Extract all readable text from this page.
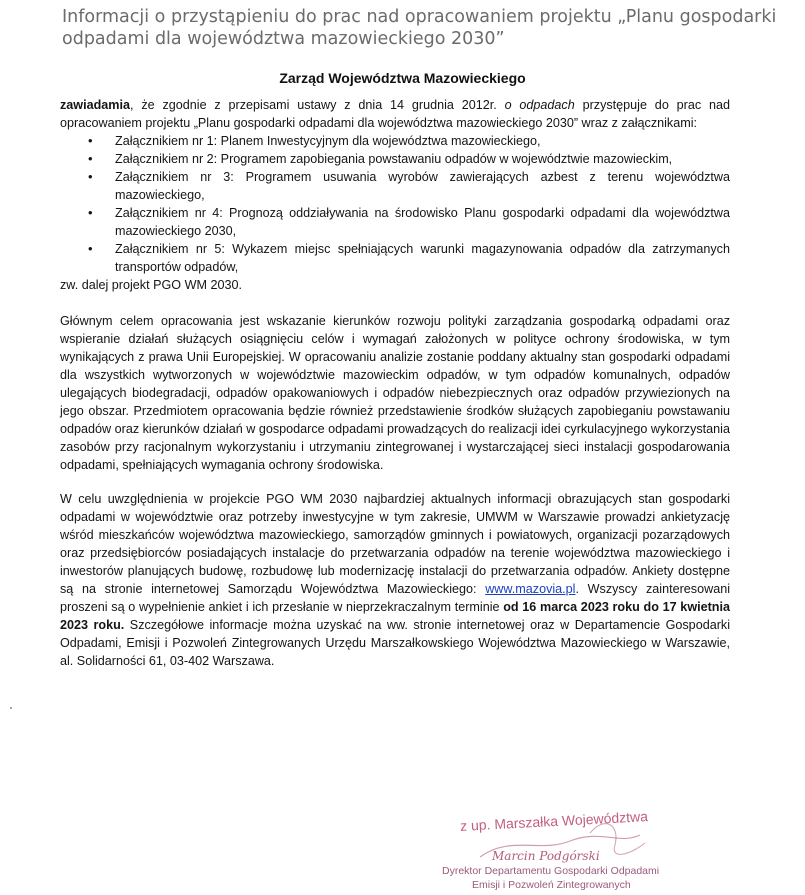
Informacji o przystąpieniu do prac nad opracowaniem projektu „Planu gospodarki odpadami dla województwa mazowieckiego 2030”
Zarząd Województwa Mazowieckiego

zawiadamia, że zgodnie z przepisami ustawy z dnia 14 grudnia 2012r. o odpadach przystępuje do prac nad opracowaniem projektu „Planu gospodarki odpadami dla województwa mazowieckiego 2030” wraz z załącznikami:

• Załącznikiem nr 1: Planem Inwestycyjnym dla województwa mazowieckiego,
• Załącznikiem nr 2: Programem zapobiegania powstawaniu odpadów w województwie mazowieckim,
• Załącznikiem nr 3: Programem usuwania wyrobów zawierających azbest z terenu województwa mazowieckiego,
• Załącznikiem nr 4: Prognozą oddziaływania na środowisko Planu gospodarki odpadami dla województwa mazowieckiego 2030,
• Załącznikiem nr 5: Wykazem miejsc spełniających warunki magazynowania odpadów dla zatrzymanych transportów odpadów,

zw. dalej projekt PGO WM 2030.

Głównym celem opracowania jest wskazanie kierunków rozwoju polityki zarządzania gospodarką odpadami oraz wspieranie działań służących osiągnięciu celów i wymagań założonych w polityce ochrony środowiska, w tym wynikających z prawa Unii Europejskiej. W opracowaniu analizie zostanie poddany aktualny stan gospodarki odpadami dla wszystkich wytworzonych w województwie mazowieckim odpadów, w tym odpadów komunalnych, odpadów ulegających biodegradacji, odpadów opakowaniowych i odpadów niebezpiecznych oraz odpadów przywiezionych na jego obszar. Przedmiotem opracowania będzie również przedstawienie środków służących zapobieganiu powstawaniu odpadów oraz kierunków działań w gospodarce odpadami prowadzących do realizacji idei cyrkulacyjnego wykorzystania zasobów przy racjonalnym wykorzystaniu i utrzymaniu zintegrowanej i wystarczającej sieci instalacji gospodarowania odpadami, spełniających wymagania ochrony środowiska.

W celu uwzględnienia w projekcie PGO WM 2030 najbardziej aktualnych informacji obrazujących stan gospodarki odpadami w województwie oraz potrzeby inwestycyjne w tym zakresie, UMWM w Warszawie prowadzi ankietyzację wśród mieszkańców województwa mazowieckiego, samorządów gminnych i powiatowych, organizacji pozarządowych oraz przedsiębiorców posiadających instalacje do przetwarzania odpadów na terenie województwa mazowieckiego i inwestorów planujących budowę, rozbudowę lub modernizację instalacji do przetwarzania odpadów. Ankiety dostępne są na stronie internetowej Samorządu Województwa Mazowieckiego: www.mazovia.pl. Wszyscy zainteresowani proszeni są o wypełnienie ankiet i ich przesłanie w nieprzekraczalnym terminie od 16 marca 2023 roku do 17 kwietnia 2023 roku. Szczegółowe informacje można uzyskać na ww. stronie internetowej oraz w Departamencie Gospodarki Odpadami, Emisji i Pozwoleń Zintegrowanych Urzędu Marszałkowskiego Województwa Mazowieckiego w Warszawie, al. Solidarności 61, 03-402 Warszawa.

z up. Marszałka Województwa
Marcin Podgórski
Dyrektor Departamentu Gospodarki Odpadami
Emisji i Pozwoleń Zintegrowanych
